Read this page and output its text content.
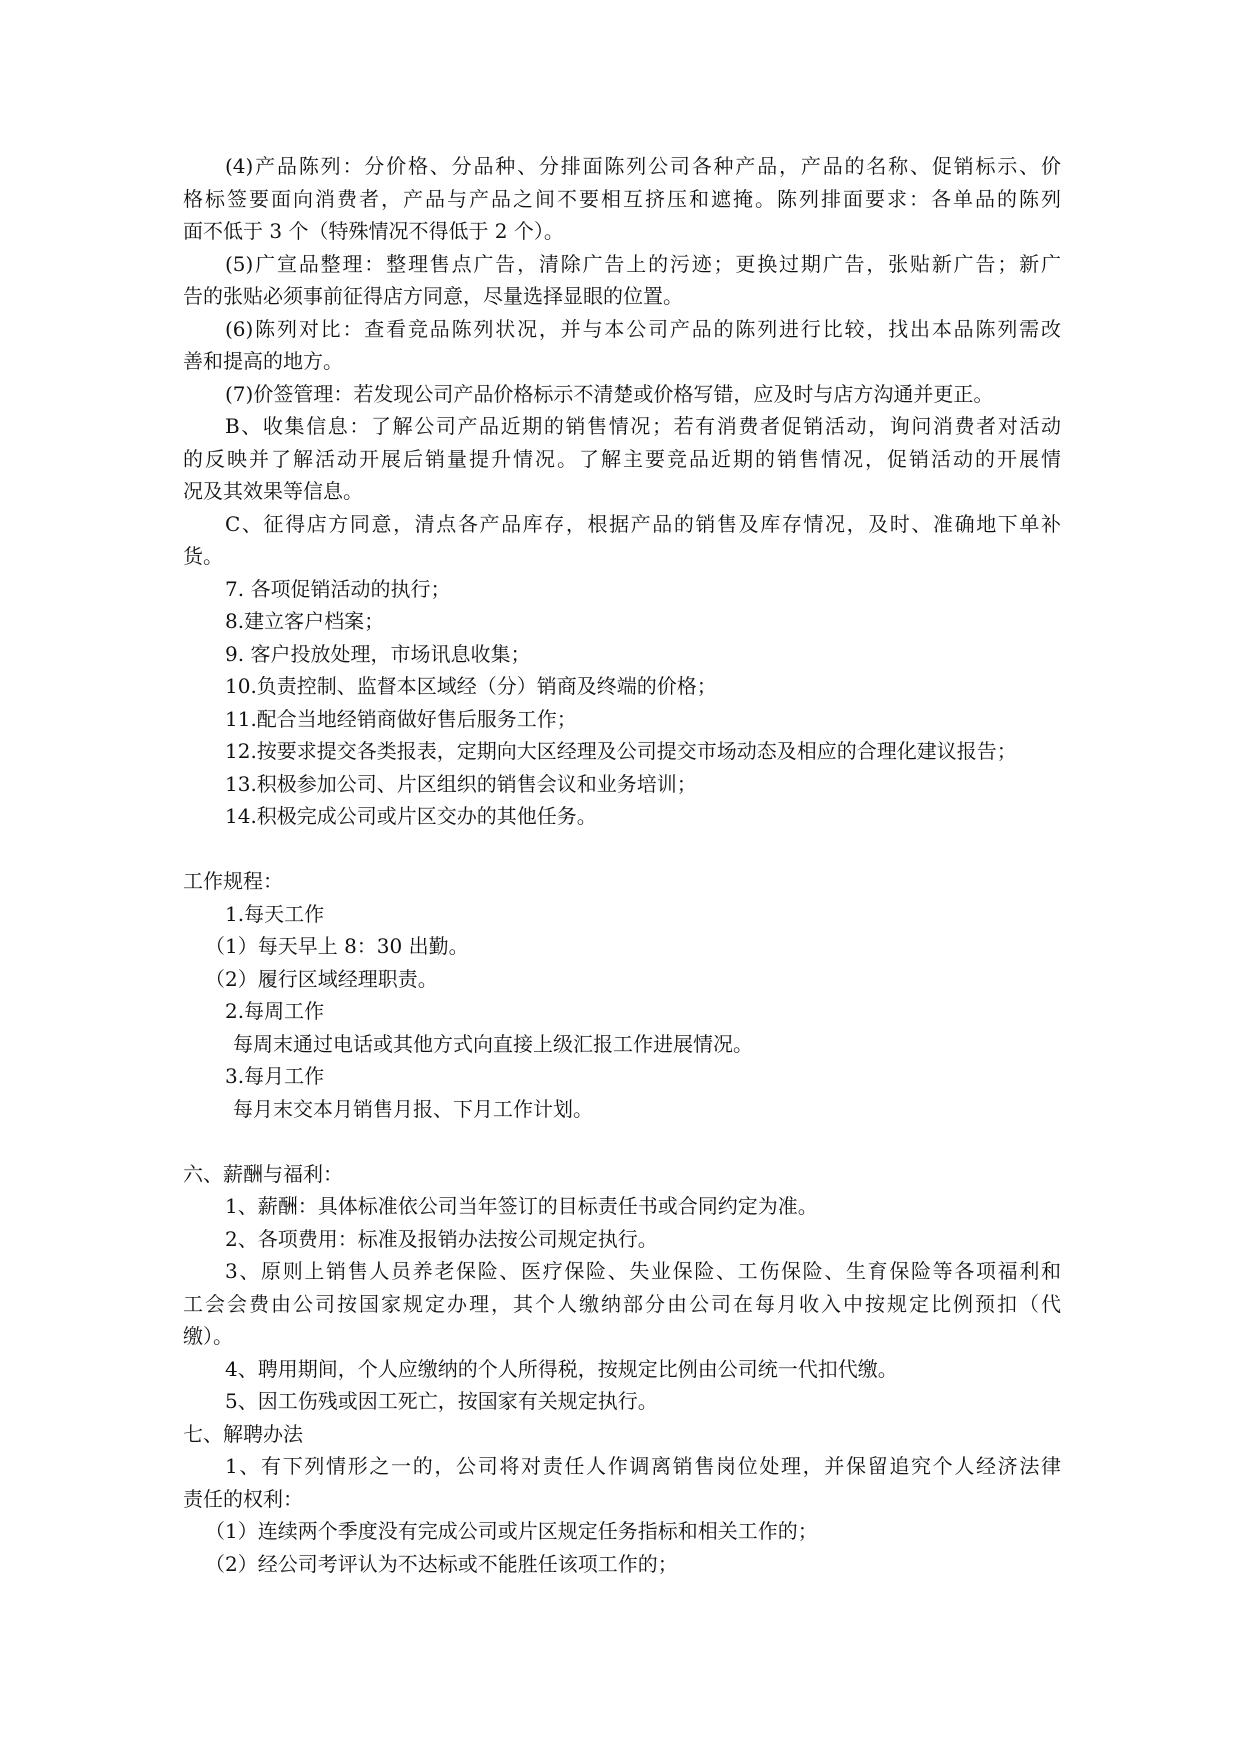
(4)产品陈列：分价格、分品种、分排面陈列公司各种产品，产品的名称、促销标示、价
格标签要面向消费者，产品与产品之间不要相互挤压和遮掩。陈列排面要求：各单品的陈列
面不低于 3 个（特殊情况不得低于 2 个）。
(5)广宣品整理：整理售点广告，清除广告上的污迹；更换过期广告，张贴新广告；新广
告的张贴必须事前征得店方同意，尽量选择显眼的位置。
(6)陈列对比：查看竞品陈列状况，并与本公司产品的陈列进行比较，找出本品陈列需改
善和提高的地方。
(7)价签管理：若发现公司产品价格标示不清楚或价格写错，应及时与店方沟通并更正。
B、收集信息：了解公司产品近期的销售情况；若有消费者促销活动，询问消费者对活动
的反映并了解活动开展后销量提升情况。了解主要竞品近期的销售情况，促销活动的开展情
况及其效果等信息。
C、征得店方同意，清点各产品库存，根据产品的销售及库存情况，及时、准确地下单补
货。
7. 各项促销活动的执行；
8.建立客户档案；
9. 客户投放处理，市场讯息收集；
10.负责控制、监督本区域经（分）销商及终端的价格；
11.配合当地经销商做好售后服务工作；
12.按要求提交各类报表，定期向大区经理及公司提交市场动态及相应的合理化建议报告；
13.积极参加公司、片区组织的销售会议和业务培训；
14.积极完成公司或片区交办的其他任务。
工作规程：
1.每天工作
（1）每天早上 8：30 出勤。
（2）履行区域经理职责。
2.每周工作
每周末通过电话或其他方式向直接上级汇报工作进展情况。
3.每月工作
每月末交本月销售月报、下月工作计划。
六、薪酬与福利：
1、薪酬：具体标准依公司当年签订的目标责任书或合同约定为准。
2、各项费用：标准及报销办法按公司规定执行。
3、原则上销售人员养老保险、医疗保险、失业保险、工伤保险、生育保险等各项福利和
工会会费由公司按国家规定办理，其个人缴纳部分由公司在每月收入中按规定比例预扣（代
缴）。
4、聘用期间，个人应缴纳的个人所得税，按规定比例由公司统一代扣代缴。
5、因工伤残或因工死亡，按国家有关规定执行。
七、解聘办法
1、有下列情形之一的，公司将对责任人作调离销售岗位处理，并保留追究个人经济法律
责任的权利：
（1）连续两个季度没有完成公司或片区规定任务指标和相关工作的；
（2）经公司考评认为不达标或不能胜任该项工作的；
